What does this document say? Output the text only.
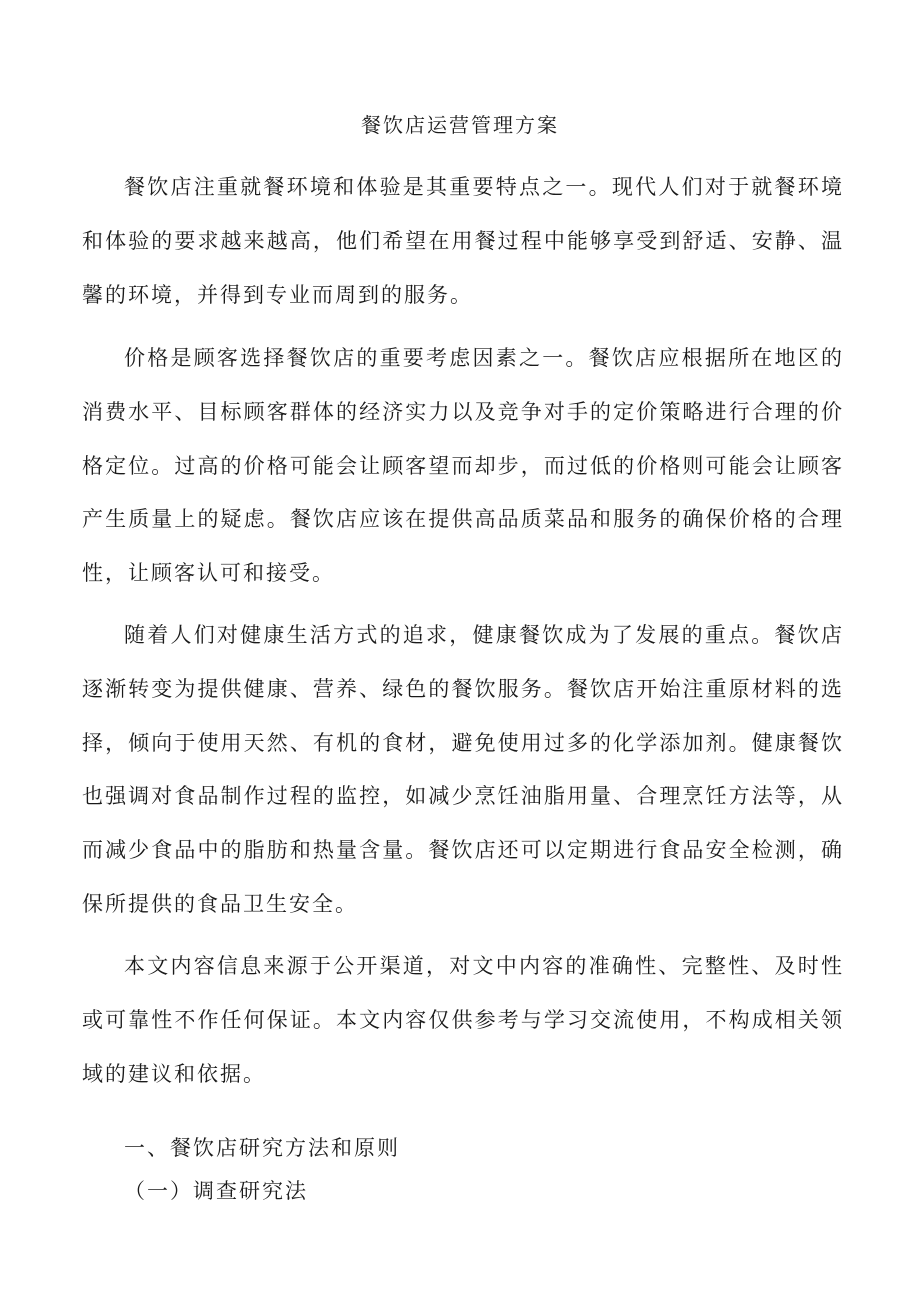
餐饮店运营管理方案

餐饮店注重就餐环境和体验是其重要特点之一。现代人们对于就餐环境和体验的要求越来越高，他们希望在用餐过程中能够享受到舒适、安静、温馨的环境，并得到专业而周到的服务。

价格是顾客选择餐饮店的重要考虑因素之一。餐饮店应根据所在地区的消费水平、目标顾客群体的经济实力以及竞争对手的定价策略进行合理的价格定位。过高的价格可能会让顾客望而却步，而过低的价格则可能会让顾客产生质量上的疑虑。餐饮店应该在提供高品质菜品和服务的确保价格的合理性，让顾客认可和接受。

随着人们对健康生活方式的追求，健康餐饮成为了发展的重点。餐饮店逐渐转变为提供健康、营养、绿色的餐饮服务。餐饮店开始注重原材料的选择，倾向于使用天然、有机的食材，避免使用过多的化学添加剂。健康餐饮也强调对食品制作过程的监控，如减少烹饪油脂用量、合理烹饪方法等，从而减少食品中的脂肪和热量含量。餐饮店还可以定期进行食品安全检测，确保所提供的食品卫生安全。

本文内容信息来源于公开渠道，对文中内容的准确性、完整性、及时性或可靠性不作任何保证。本文内容仅供参考与学习交流使用，不构成相关领域的建议和依据。

一、餐饮店研究方法和原则
（一）调查研究法
